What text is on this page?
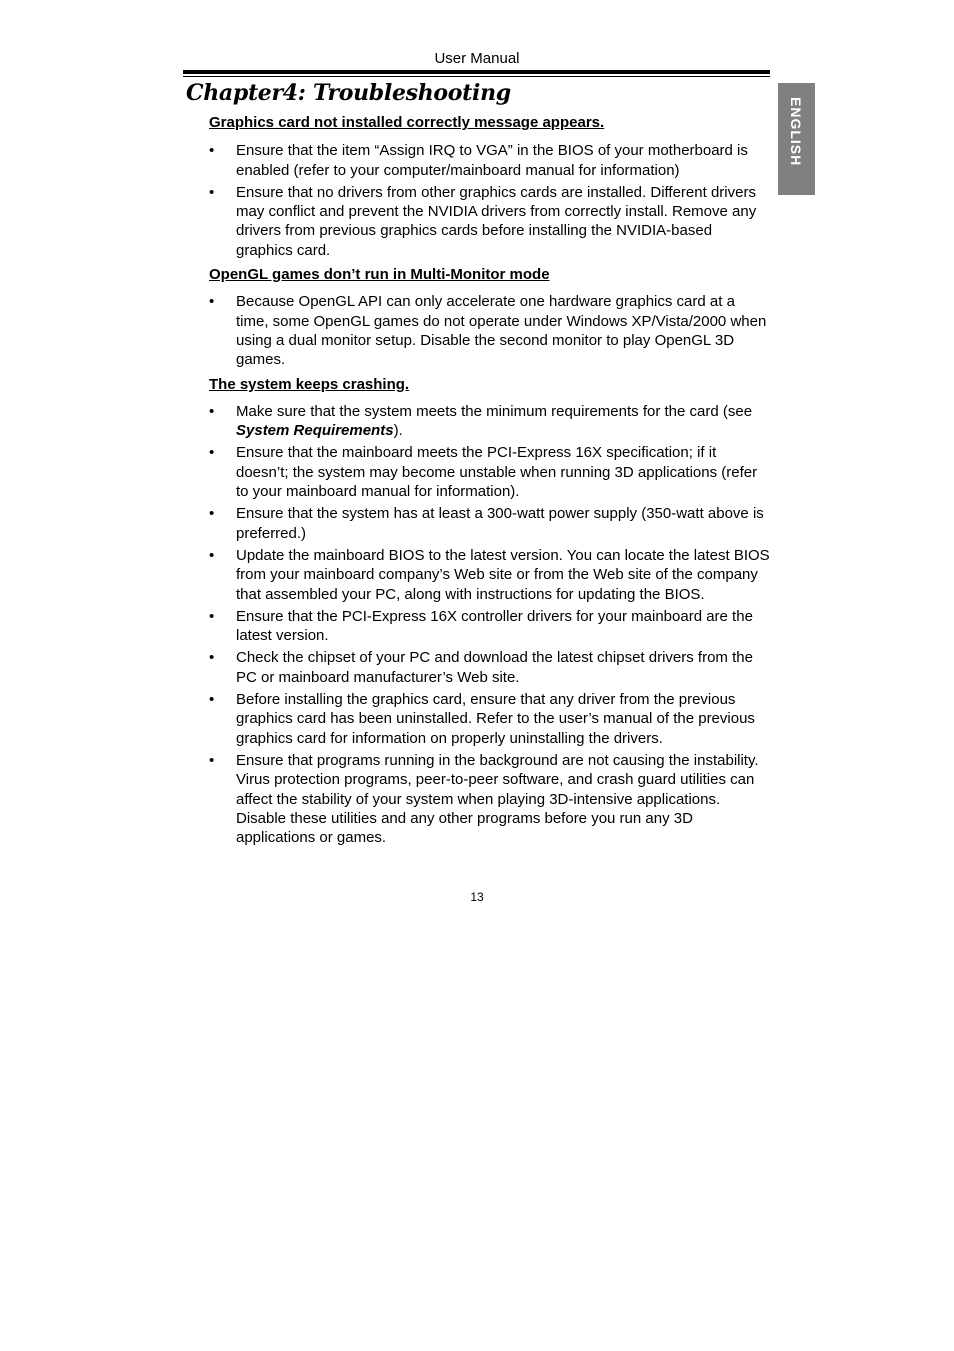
User Manual
Chapter4: Troubleshooting
ENGLISH

Graphics card not installed correctly message appears.

• Ensure that the item “Assign IRQ to VGA” in the BIOS of your motherboard is enabled (refer to your computer/mainboard manual for information)
• Ensure that no drivers from other graphics cards are installed. Different drivers may conflict and prevent the NVIDIA drivers from correctly install. Remove any drivers from previous graphics cards before installing the NVIDIA-based graphics card.

OpenGL games don’t run in Multi-Monitor mode

• Because OpenGL API can only accelerate one hardware graphics card at a time, some OpenGL games do not operate under Windows XP/Vista/2000 when using a dual monitor setup. Disable the second monitor to play OpenGL 3D games.

The system keeps crashing.

• Make sure that the system meets the minimum requirements for the card (see System Requirements).
• Ensure that the mainboard meets the PCI-Express 16X specification; if it doesn’t; the system may become unstable when running 3D applications (refer to your mainboard manual for information).
• Ensure that the system has at least a 300-watt power supply (350-watt above is preferred.)
• Update the mainboard BIOS to the latest version. You can locate the latest BIOS from your mainboard company’s Web site or from the Web site of the company that assembled your PC, along with instructions for updating the BIOS.
• Ensure that the PCI-Express 16X controller drivers for your mainboard are the latest version.
• Check the chipset of your PC and download the latest chipset drivers from the PC or mainboard manufacturer’s Web site.
• Before installing the graphics card, ensure that any driver from the previous graphics card has been uninstalled. Refer to the user’s manual of the previous graphics card for information on properly uninstalling the drivers.
• Ensure that programs running in the background are not causing the instability. Virus protection programs, peer-to-peer software, and crash guard utilities can affect the stability of your system when playing 3D-intensive applications. Disable these utilities and any other programs before you run any 3D applications or games.
13
